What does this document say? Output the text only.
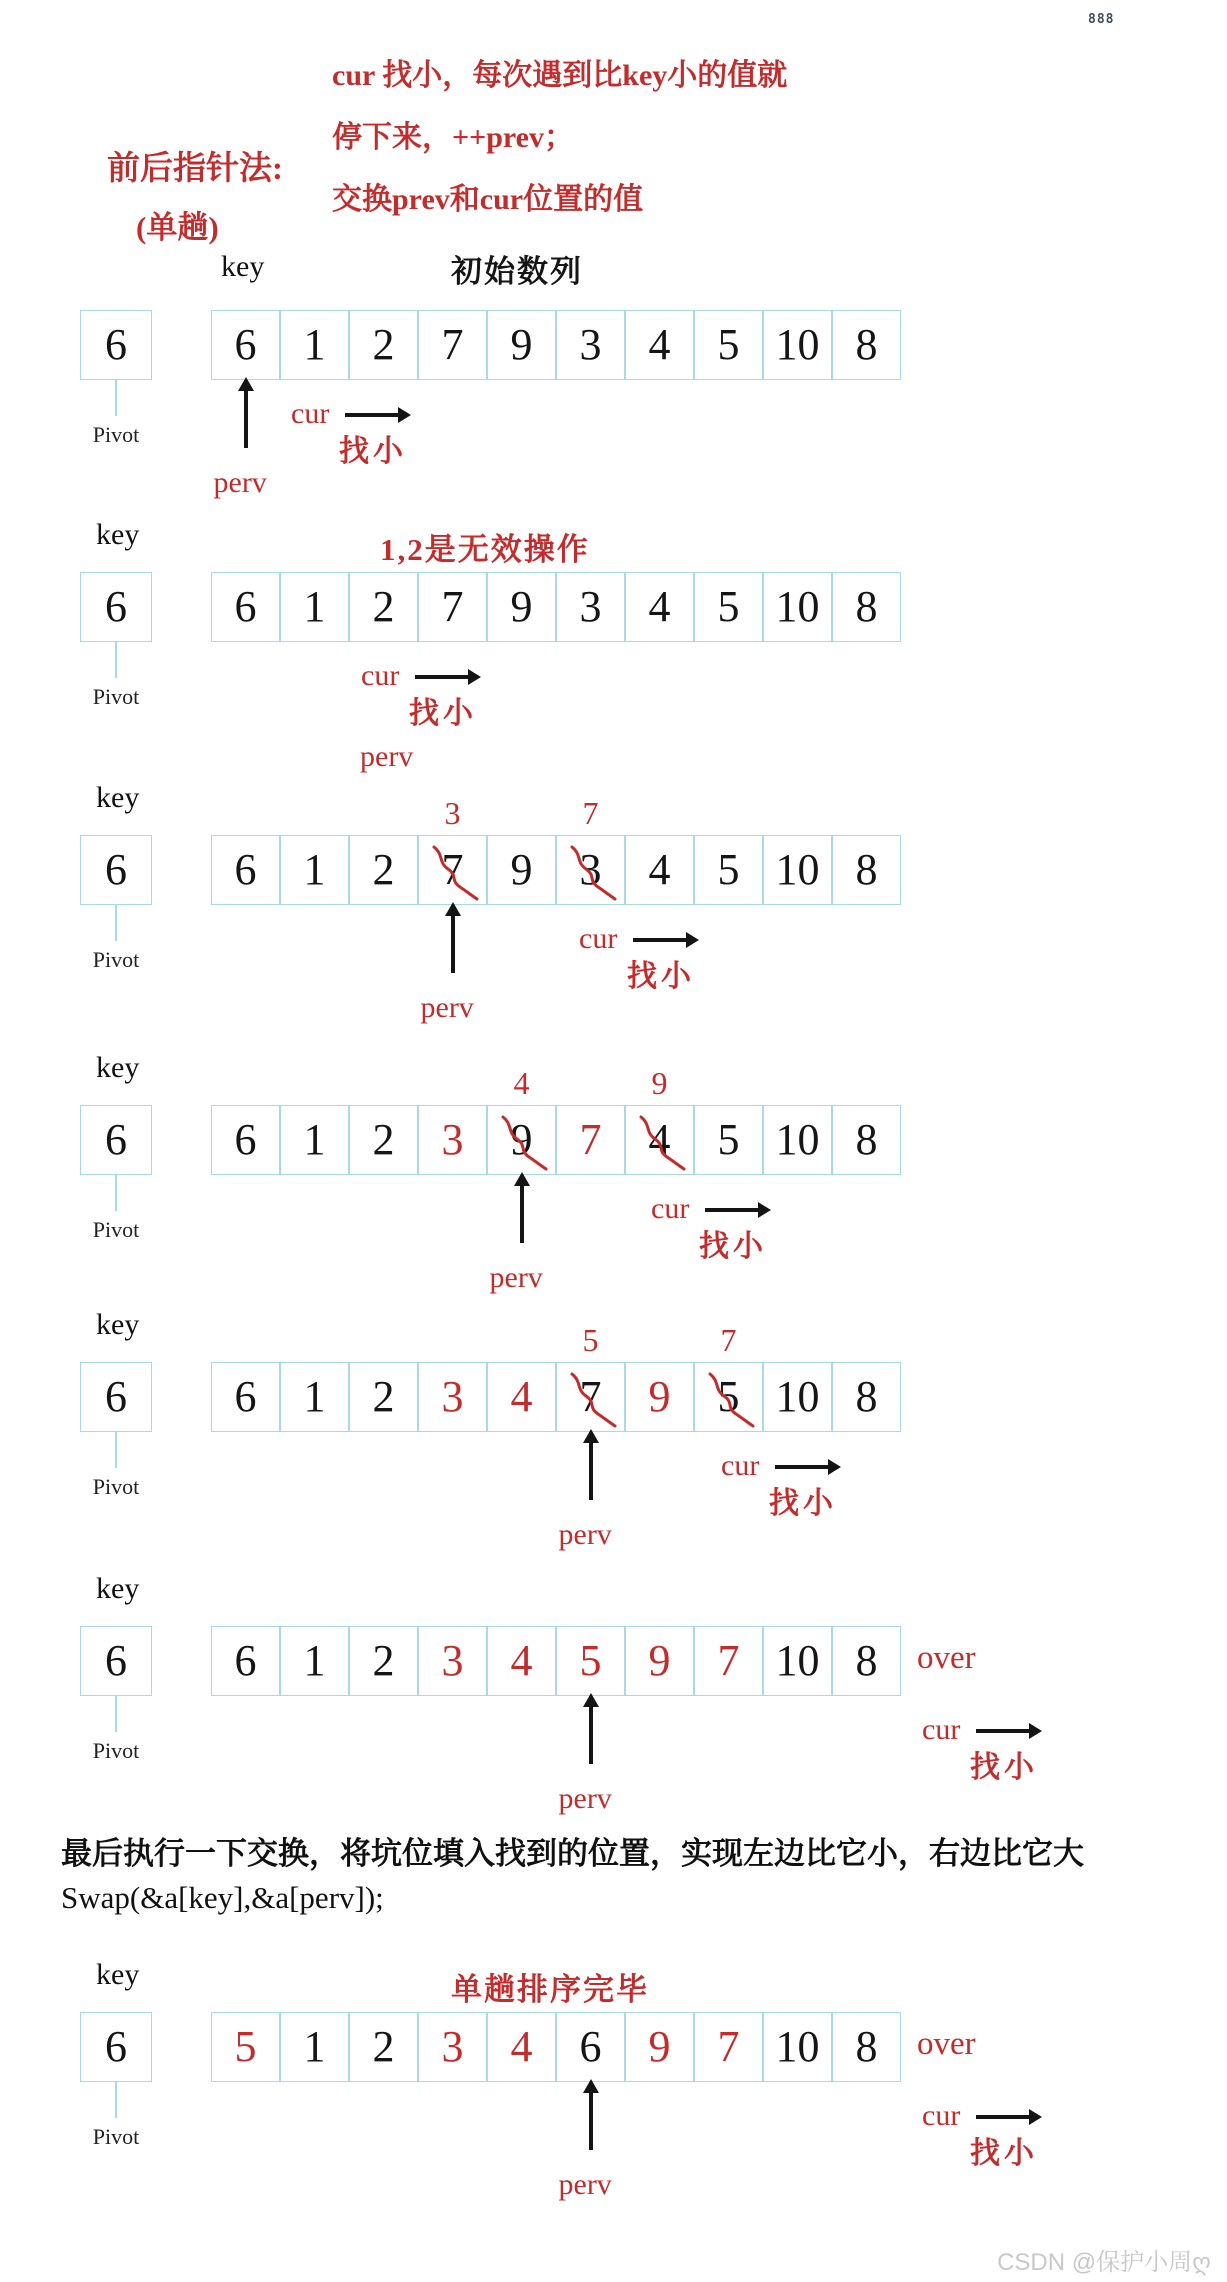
888
前后指针法:
(单趟)
cur 找小，每次遇到比key小的值就
停下来，++prev；
交换prev和cur位置的值
key	初始数列
6
Pivot
6 1 2 7 9 3 4 5 10 8
perv
cur
找小
key	1,2是无效操作
6
Pivot
6 1 2 7 9 3 4 5 10 8
perv
cur
找小
key
6
Pivot
6 1 2 7 9 3 4 5 10 8
3	7
perv
cur
找小
key
6
Pivot
6 1 2 3 9 7 4 5 10 8
4	9
perv
cur
找小
key
6
Pivot
6 1 2 3 4 7 9 5 10 8
5	7
perv
cur
找小
key
6
Pivot
6 1 2 3 4 5 9 7 10 8 over
perv
cur
找小
key	单趟排序完毕
6
Pivot
5 1 2 3 4 6 9 7 10 8 over
perv
cur
找小
最后执行一下交换，将坑位填入找到的位置，实现左边比它小，右边比它大
Swap(&a[key],&a[perv]);
CSDN @保护小周ღ
